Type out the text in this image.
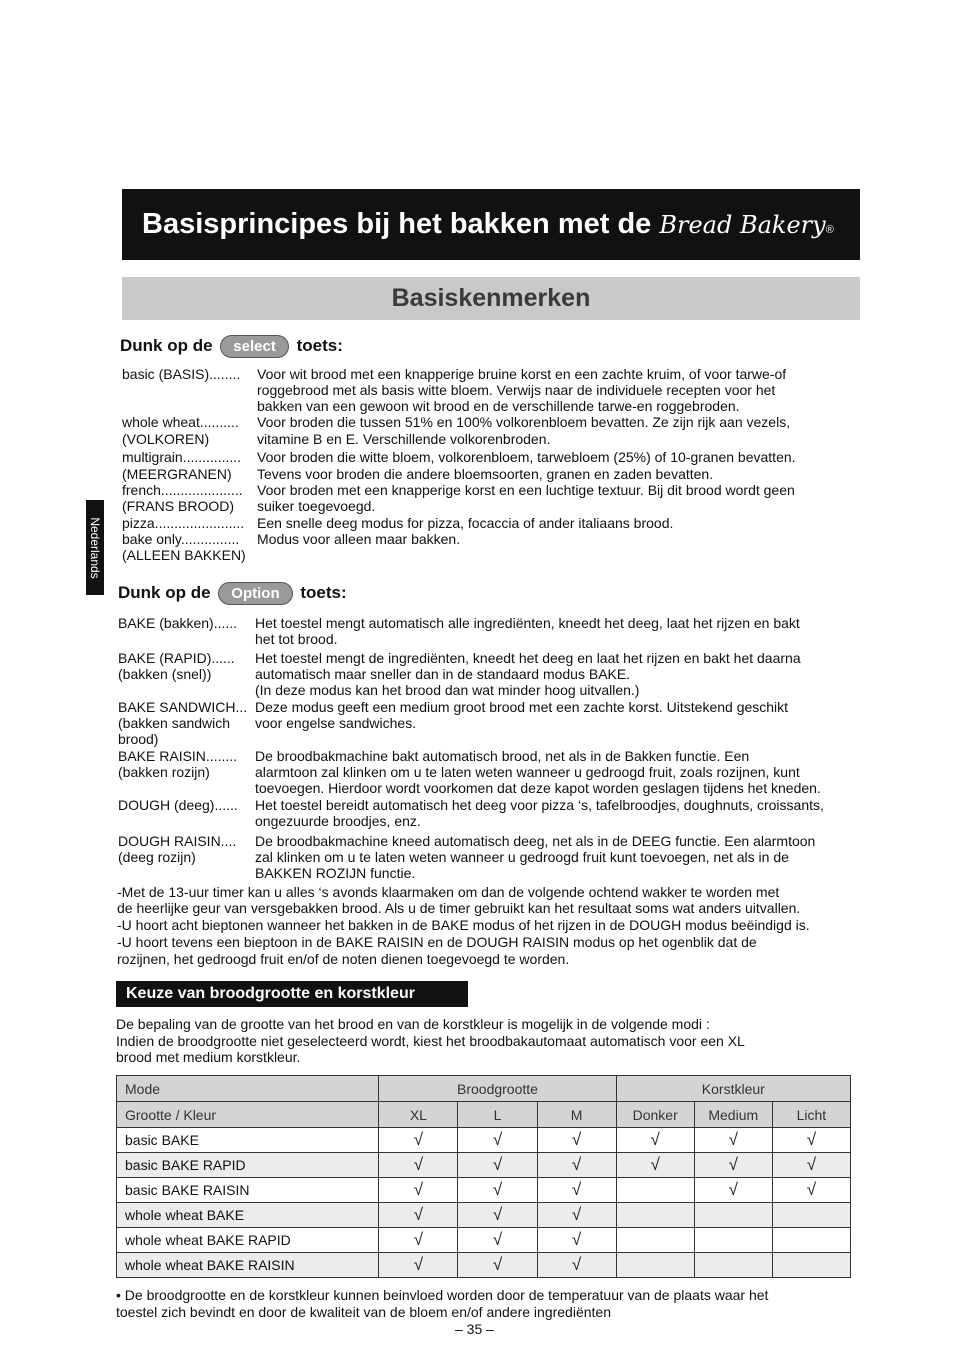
Basisprincipes bij het bakken met de Bread Bakery®
Basiskenmerken
Nederlands
Dunk op de select toets:
basic (BASIS)........ Voor wit brood met een knapperige bruine korst en een zachte kruim, of voor tarwe-of
roggebrood met als basis witte bloem. Verwijs naar de individuele recepten voor het
bakken van een gewoon wit brood en de verschillende tarwe-en roggebroden.
whole wheat.......... Voor broden die tussen 51% en 100% volkorenbloem bevatten. Ze zijn rijk aan vezels,
(VOLKOREN)	vitamine B en E. Verschillende volkorenbroden.
multigrain............... Voor broden die witte bloem, volkorenbloem, tarwebloem (25%) of 10-granen bevatten.
(MEERGRANEN) Tevens voor broden die andere bloemsoorten, granen en zaden bevatten.
french..................... Voor broden met een knapperige korst en een luchtige textuur. Bij dit brood wordt geen
(FRANS BROOD) suiker toegevoegd.
pizza....................... Een snelle deeg modus for pizza, focaccia of ander italiaans brood.
bake only............... Modus voor alleen maar bakken.
(ALLEEN BAKKEN)
Dunk op de Option toets:
BAKE (bakken)...... Het toestel mengt automatisch alle ingrediënten, kneedt het deeg, laat het rijzen en bakt
het tot brood.
BAKE (RAPID)...... Het toestel mengt de ingrediënten, kneedt het deeg en laat het rijzen en bakt het daarna
(bakken (snel))	automatisch maar sneller dan in de standaard modus BAKE.
(In deze modus kan het brood dan wat minder hoog uitvallen.)
BAKE SANDWICH... Deze modus geeft een medium groot brood met een zachte korst. Uitstekend geschikt
(bakken sandwich voor engelse sandwiches.
brood)
BAKE RAISIN........ De broodbakmachine bakt automatisch brood, net als in de Bakken functie. Een
(bakken rozijn)	alarmtoon zal klinken om u te laten weten wanneer u gedroogd fruit, zoals rozijnen, kunt
toevoegen. Hierdoor wordt voorkomen dat deze kapot worden geslagen tijdens het kneden.
DOUGH (deeg)...... Het toestel bereidt automatisch het deeg voor pizza ‘s, tafelbroodjes, doughnuts, croissants,
ongezuurde broodjes, enz.
DOUGH RAISIN.... De broodbakmachine kneed automatisch deeg, net als in de DEEG functie. Een alarmtoon
(deeg rozijn)	zal klinken om u te laten weten wanneer u gedroogd fruit kunt toevoegen, net als in de
BAKKEN ROZIJN functie.
-Met de 13-uur timer kan u alles ‘s avonds klaarmaken om dan de volgende ochtend wakker te worden met
de heerlijke geur van versgebakken brood. Als u de timer gebruikt kan het resultaat soms wat anders uitvallen.
-U hoort acht bieptonen wanneer het bakken in de BAKE modus of het rijzen in de DOUGH modus beëindigd is.
-U hoort tevens een bieptoon in de BAKE RAISIN en de DOUGH RAISIN modus op het ogenblik dat de
rozijnen, het gedroogd fruit en/of de noten dienen toegevoegd te worden.
Keuze van broodgrootte en korstkleur
De bepaling van de grootte van het brood en van de korstkleur is mogelijk in de volgende modi :
Indien de broodgrootte niet geselecteerd wordt, kiest het broodbakautomaat automatisch voor een XL
brood met medium korstkleur.
Mode	Broodgrootte			Korstkleur		
Grootte / Kleur	XL	L	M	Donker	Medium	Licht
basic BAKE	√	√	√	√	√	√
basic BAKE RAPID	√	√	√	√	√	√
basic BAKE RAISIN	√	√	√		√	√
whole wheat BAKE	√	√	√			
whole wheat BAKE RAPID	√	√	√			
whole wheat BAKE RAISIN	√	√	√			
• De broodgrootte en de korstkleur kunnen beinvloed worden door de temperatuur van de plaats waar het
toestel zich bevindt en door de kwaliteit van de bloem en/of andere ingrediënten
– 35 –
